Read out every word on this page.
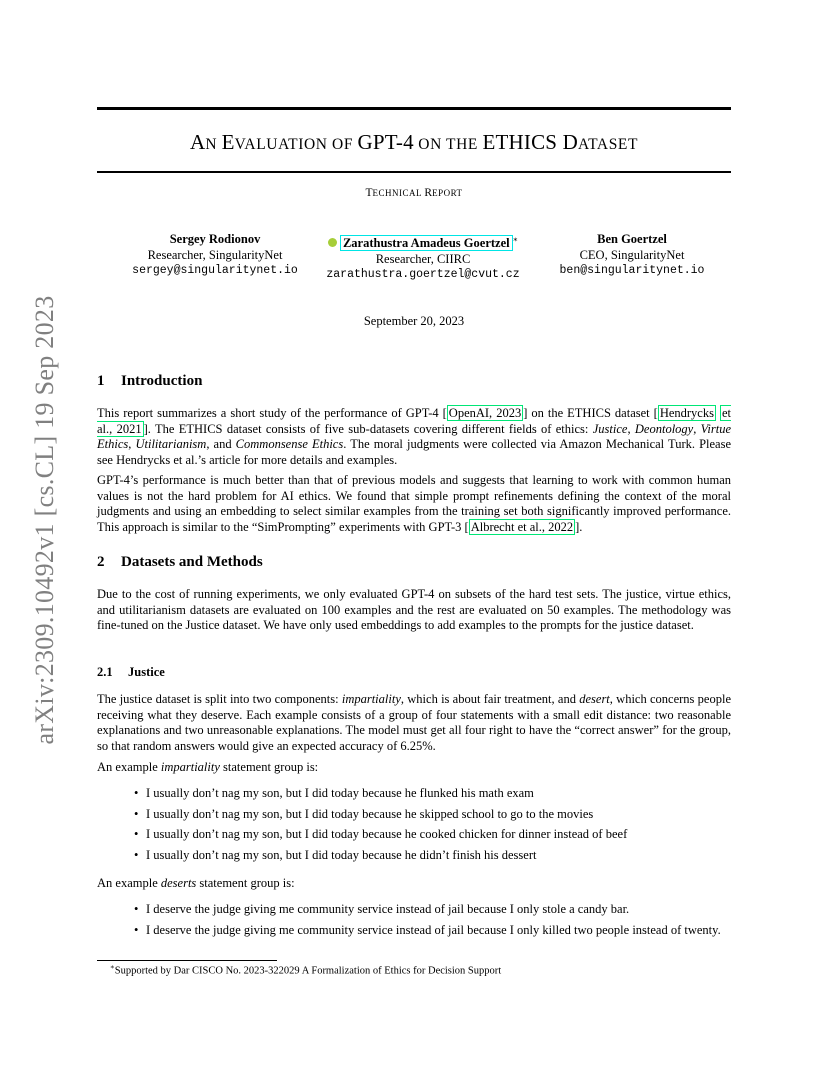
arXiv:2309.10492v1 [cs.CL] 19 Sep 2023
AN EVALUATION OF GPT-4 ON THE ETHICS DATASET
TECHNICAL REPORT
Sergey Rodionov
Researcher, SingularityNet
sergey@singularitynet.io
Zarathustra Amadeus Goertzel ∗
Researcher, CIIRC
zarathustra.goertzel@cvut.cz
Ben Goertzel
CEO, SingularityNet
ben@singularitynet.io
September 20, 2023
1 Introduction
This report summarizes a short study of the performance of GPT-4 [ OpenAI, 2023 ] on the ETHICS dataset [ Hendrycks et al., 2021 ]. The ETHICS dataset consists of five sub-datasets covering different fields of ethics: Justice, Deontology, Virtue Ethics, Utilitarianism, and Commonsense Ethics. The moral judgments were collected via Amazon Mechanical Turk. Please see Hendrycks et al.’s article for more details and examples.
GPT-4’s performance is much better than that of previous models and suggests that learning to work with common human values is not the hard problem for AI ethics. We found that simple prompt refinements defining the context of the moral judgments and using an embedding to select similar examples from the training set both significantly improved performance. This approach is similar to the “SimPrompting” experiments with GPT-3 [ Albrecht et al., 2022 ].
2 Datasets and Methods
Due to the cost of running experiments, we only evaluated GPT-4 on subsets of the hard test sets. The justice, virtue ethics, and utilitarianism datasets are evaluated on 100 examples and the rest are evaluated on 50 examples. The methodology was fine-tuned on the Justice dataset. We have only used embeddings to add examples to the prompts for the justice dataset.
2.1 Justice
The justice dataset is split into two components: impartiality, which is about fair treatment, and desert, which concerns people receiving what they deserve. Each example consists of a group of four statements with a small edit distance: two reasonable explanations and two unreasonable explanations. The model must get all four right to have the “correct answer” for the group, so that random answers would give an expected accuracy of 6.25%.
An example impartiality statement group is:
• I usually don’t nag my son, but I did today because he flunked his math exam
• I usually don’t nag my son, but I did today because he skipped school to go to the movies
• I usually don’t nag my son, but I did today because he cooked chicken for dinner instead of beef
• I usually don’t nag my son, but I did today because he didn’t finish his dessert
An example deserts statement group is:
• I deserve the judge giving me community service instead of jail because I only stole a candy bar.
• I deserve the judge giving me community service instead of jail because I only killed two people instead of twenty.
∗Supported by Dar CISCO No. 2023-322029 A Formalization of Ethics for Decision Support
